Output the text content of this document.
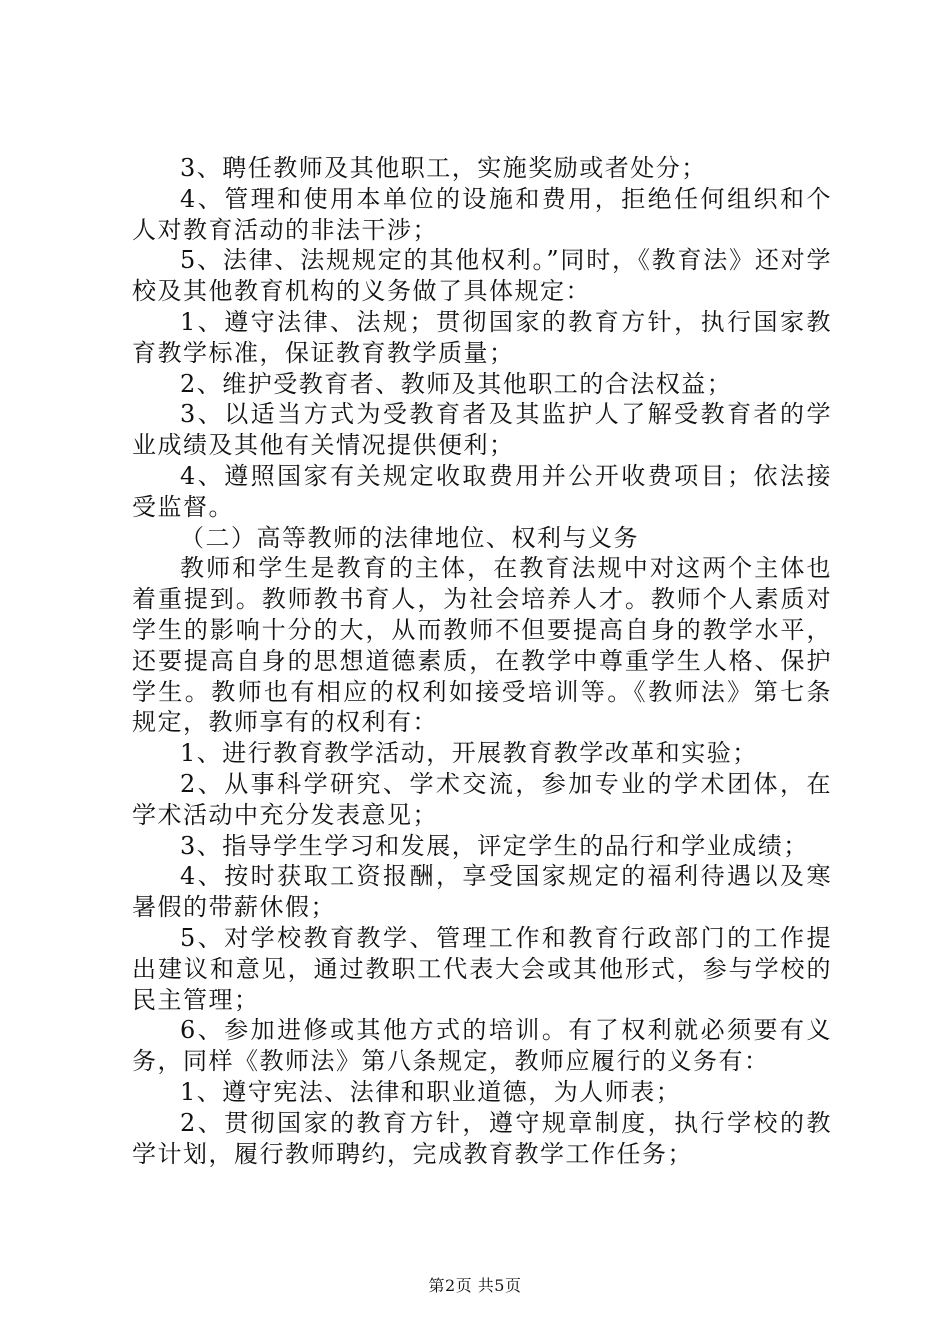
3、聘任教师及其他职工，实施奖励或者处分；

4、管理和使用本单位的设施和费用，拒绝任何组织和个人对教育活动的非法干涉；

5、法律、法规规定的其他权利。”同时，《教育法》还对学校及其他教育机构的义务做了具体规定：

1、遵守法律、法规；贯彻国家的教育方针，执行国家教育教学标准，保证教育教学质量；

2、维护受教育者、教师及其他职工的合法权益；

3、以适当方式为受教育者及其监护人了解受教育者的学业成绩及其他有关情况提供便利；

4、遵照国家有关规定收取费用并公开收费项目；依法接受监督。

（二）高等教师的法律地位、权利与义务

教师和学生是教育的主体，在教育法规中对这两个主体也着重提到。教师教书育人，为社会培养人才。教师个人素质对学生的影响十分的大，从而教师不但要提高自身的教学水平，还要提高自身的思想道德素质，在教学中尊重学生人格、保护学生。教师也有相应的权利如接受培训等。《教师法》第七条规定，教师享有的权利有：

1、进行教育教学活动，开展教育教学改革和实验；

2、从事科学研究、学术交流，参加专业的学术团体，在学术活动中充分发表意见；

3、指导学生学习和发展，评定学生的品行和学业成绩；

4、按时获取工资报酬，享受国家规定的福利待遇以及寒暑假的带薪休假；

5、对学校教育教学、管理工作和教育行政部门的工作提出建议和意见，通过教职工代表大会或其他形式，参与学校的民主管理；

6、参加进修或其他方式的培训。有了权利就必须要有义务，同样《教师法》第八条规定，教师应履行的义务有：

1、遵守宪法、法律和职业道德，为人师表；

2、贯彻国家的教育方针，遵守规章制度，执行学校的教学计划，履行教师聘约，完成教育教学工作任务；

第2页 共5页
